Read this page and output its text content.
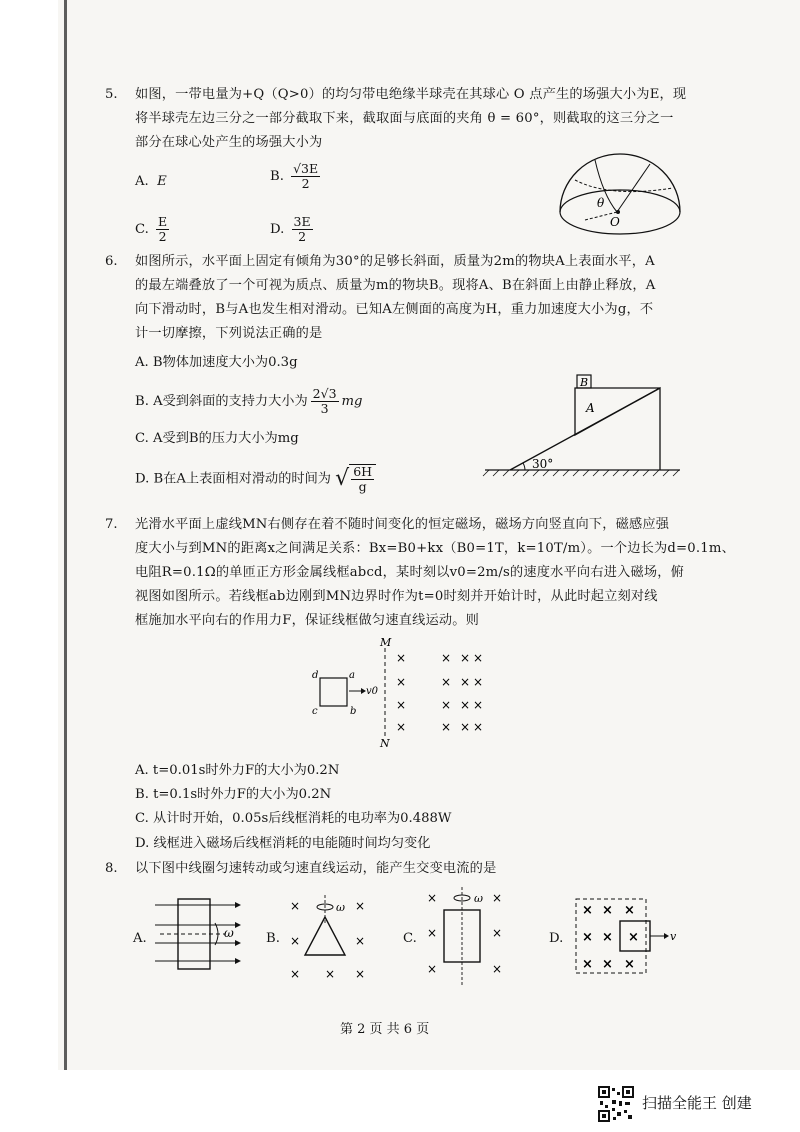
5. 如图，一带电量为+Q（Q>0）的均匀带电绝缘半球壳在其球心 O 点产生的场强大小为E，现
将半球壳左边三分之一部分截取下来，截取面与底面的夹角 θ = 60°，则截取的这三分之一
部分在球心处产生的场强大小为
A. E	B. $\frac{√3E}{2}$
C. $\frac{E}{2}$	D. $\frac{3E}{2}$
θ
O
6. 如图所示，水平面上固定有倾角为30°的足够长斜面，质量为2m的物块A上表面水平，A
的最左端叠放了一个可视为质点、质量为m的物块B。现将A、B在斜面上由静止释放，A
向下滑动时，B与A也发生相对滑动。已知A左侧面的高度为H，重力加速度大小为g，不
计一切摩擦，下列说法正确的是
A. B物体加速度大小为0.3g
B. A受到斜面的支持力大小为 $\frac{2√3}{3}$ mg
C. A受到B的压力大小为mg
D. B在A上表面相对滑动的时间为 √ $\frac{6H}{g}$
B
A
30°
7. 光滑水平面上虚线MN右侧存在着不随时间变化的恒定磁场，磁场方向竖直向下，磁感应强
度大小与到MN的距离x之间满足关系：Bx=B0+kx（B0=1T，k=10T/m）。一个边长为d=0.1m、
电阻R=0.1Ω的单匝正方形金属线框abcd，某时刻以v0=2m/s的速度水平向右进入磁场，俯
视图如图所示。若线框ab边刚到MN边界时作为t=0时刻并开始计时，从此时起立刻对线
框施加水平向右的作用力F，保证线框做匀速直线运动。则
M
N
d	a
b
c
v0
×	× × ×
×	× × ×
×	× × ×
×	× × ×
A. t=0.01s时外力F的大小为0.2N
B. t=0.1s时外力F的大小为0.2N
C. 从计时开始，0.05s后线框消耗的电功率为0.488W
D. 线框进入磁场后线框消耗的电能随时间均匀变化
8. 以下图中线圈匀速转动或匀速直线运动，能产生交变电流的是
A.	ω B.
×	×
×	×
× × ×
ω
C.
×	×
×	×
×	×
ω
D.
× × ×
× × ×
× × ×
v
第 2 页 共 6 页
扫描全能王 创建
